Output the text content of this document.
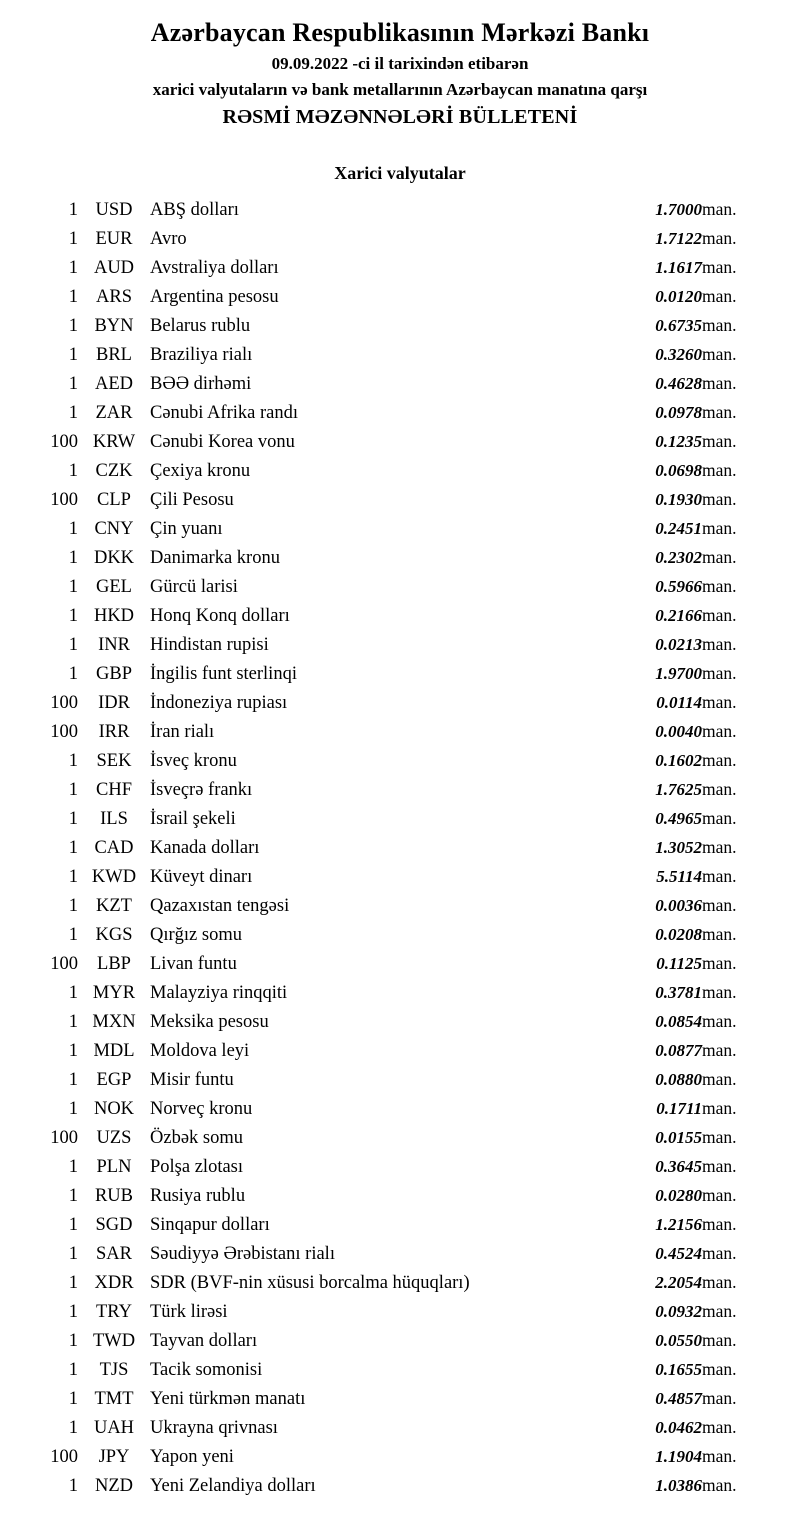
Azərbaycan Respublikasının Mərkəzi Bankı
09.09.2022 -ci il tarixindən etibarən
xarici valyutaların və bank metallarının Azərbaycan manatına qarşı
RƏSMİ MƏZƏNNƏLƏRİ BÜLLETENİ
Xarici valyutalar
1	USD	ABŞ dolları	1.7000	man.
1	EUR	Avro	1.7122	man.
1	AUD	Avstraliya dolları	1.1617	man.
1	ARS	Argentina pesosu	0.0120	man.
1	BYN	Belarus rublu	0.6735	man.
1	BRL	Braziliya rialı	0.3260	man.
1	AED	BƏƏ dirhəmi	0.4628	man.
1	ZAR	Cənubi Afrika randı	0.0978	man.
100	KRW	Cənubi Korea vonu	0.1235	man.
1	CZK	Çexiya kronu	0.0698	man.
100	CLP	Çili Pesosu	0.1930	man.
1	CNY	Çin yuanı	0.2451	man.
1	DKK	Danimarka kronu	0.2302	man.
1	GEL	Gürcü larisi	0.5966	man.
1	HKD	Honq Konq dolları	0.2166	man.
1	INR	Hindistan rupisi	0.0213	man.
1	GBP	İngilis funt sterlinqi	1.9700	man.
100	IDR	İndoneziya rupiası	0.0114	man.
100	IRR	İran rialı	0.0040	man.
1	SEK	İsveç kronu	0.1602	man.
1	CHF	İsveçrə frankı	1.7625	man.
1	ILS	İsrail şekeli	0.4965	man.
1	CAD	Kanada dolları	1.3052	man.
1	KWD	Küveyt dinarı	5.5114	man.
1	KZT	Qazaxıstan tengəsi	0.0036	man.
1	KGS	Qırğız somu	0.0208	man.
100	LBP	Livan funtu	0.1125	man.
1	MYR	Malayziya rinqqiti	0.3781	man.
1	MXN	Meksika pesosu	0.0854	man.
1	MDL	Moldova leyi	0.0877	man.
1	EGP	Misir funtu	0.0880	man.
1	NOK	Norveç kronu	0.1711	man.
100	UZS	Özbək somu	0.0155	man.
1	PLN	Polşa zlotası	0.3645	man.
1	RUB	Rusiya rublu	0.0280	man.
1	SGD	Sinqapur dolları	1.2156	man.
1	SAR	Səudiyyə Ərəbistanı rialı	0.4524	man.
1	XDR	SDR (BVF-nin xüsusi borcalma hüquqları)	2.2054	man.
1	TRY	Türk lirəsi	0.0932	man.
1	TWD	Tayvan dolları	0.0550	man.
1	TJS	Tacik somonisi	0.1655	man.
1	TMT	Yeni türkmən manatı	0.4857	man.
1	UAH	Ukrayna qrivnası	0.0462	man.
100	JPY	Yapon yeni	1.1904	man.
1	NZD	Yeni Zelandiya dolları	1.0386	man.
